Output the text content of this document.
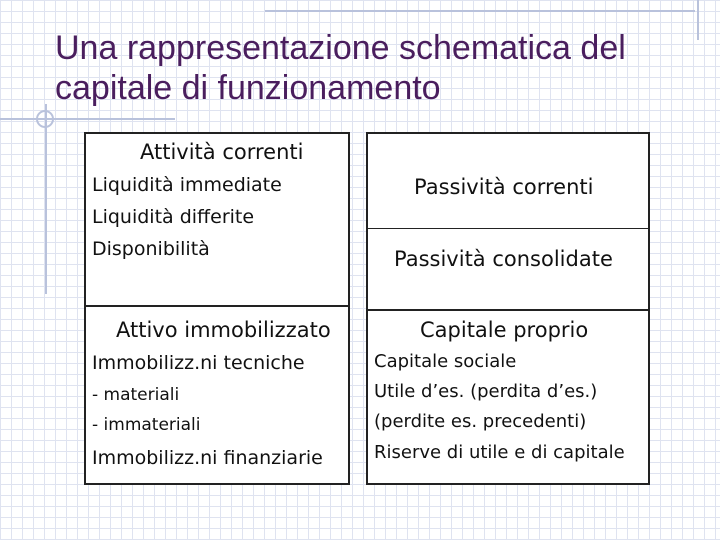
Una rappresentazione schematica del
capitale di funzionamento
Attività correnti
Liquidità immediate
Liquidità differite
Disponibilità
Passività correnti
Passività consolidate
Attivo immobilizzato
Immobilizz.ni tecniche
- materiali
- immateriali
Immobilizz.ni finanziarie
Capitale proprio
Capitale sociale
Utile d’es. (perdita d’es.)
(perdite es. precedenti)
Riserve di utile e di capitale
